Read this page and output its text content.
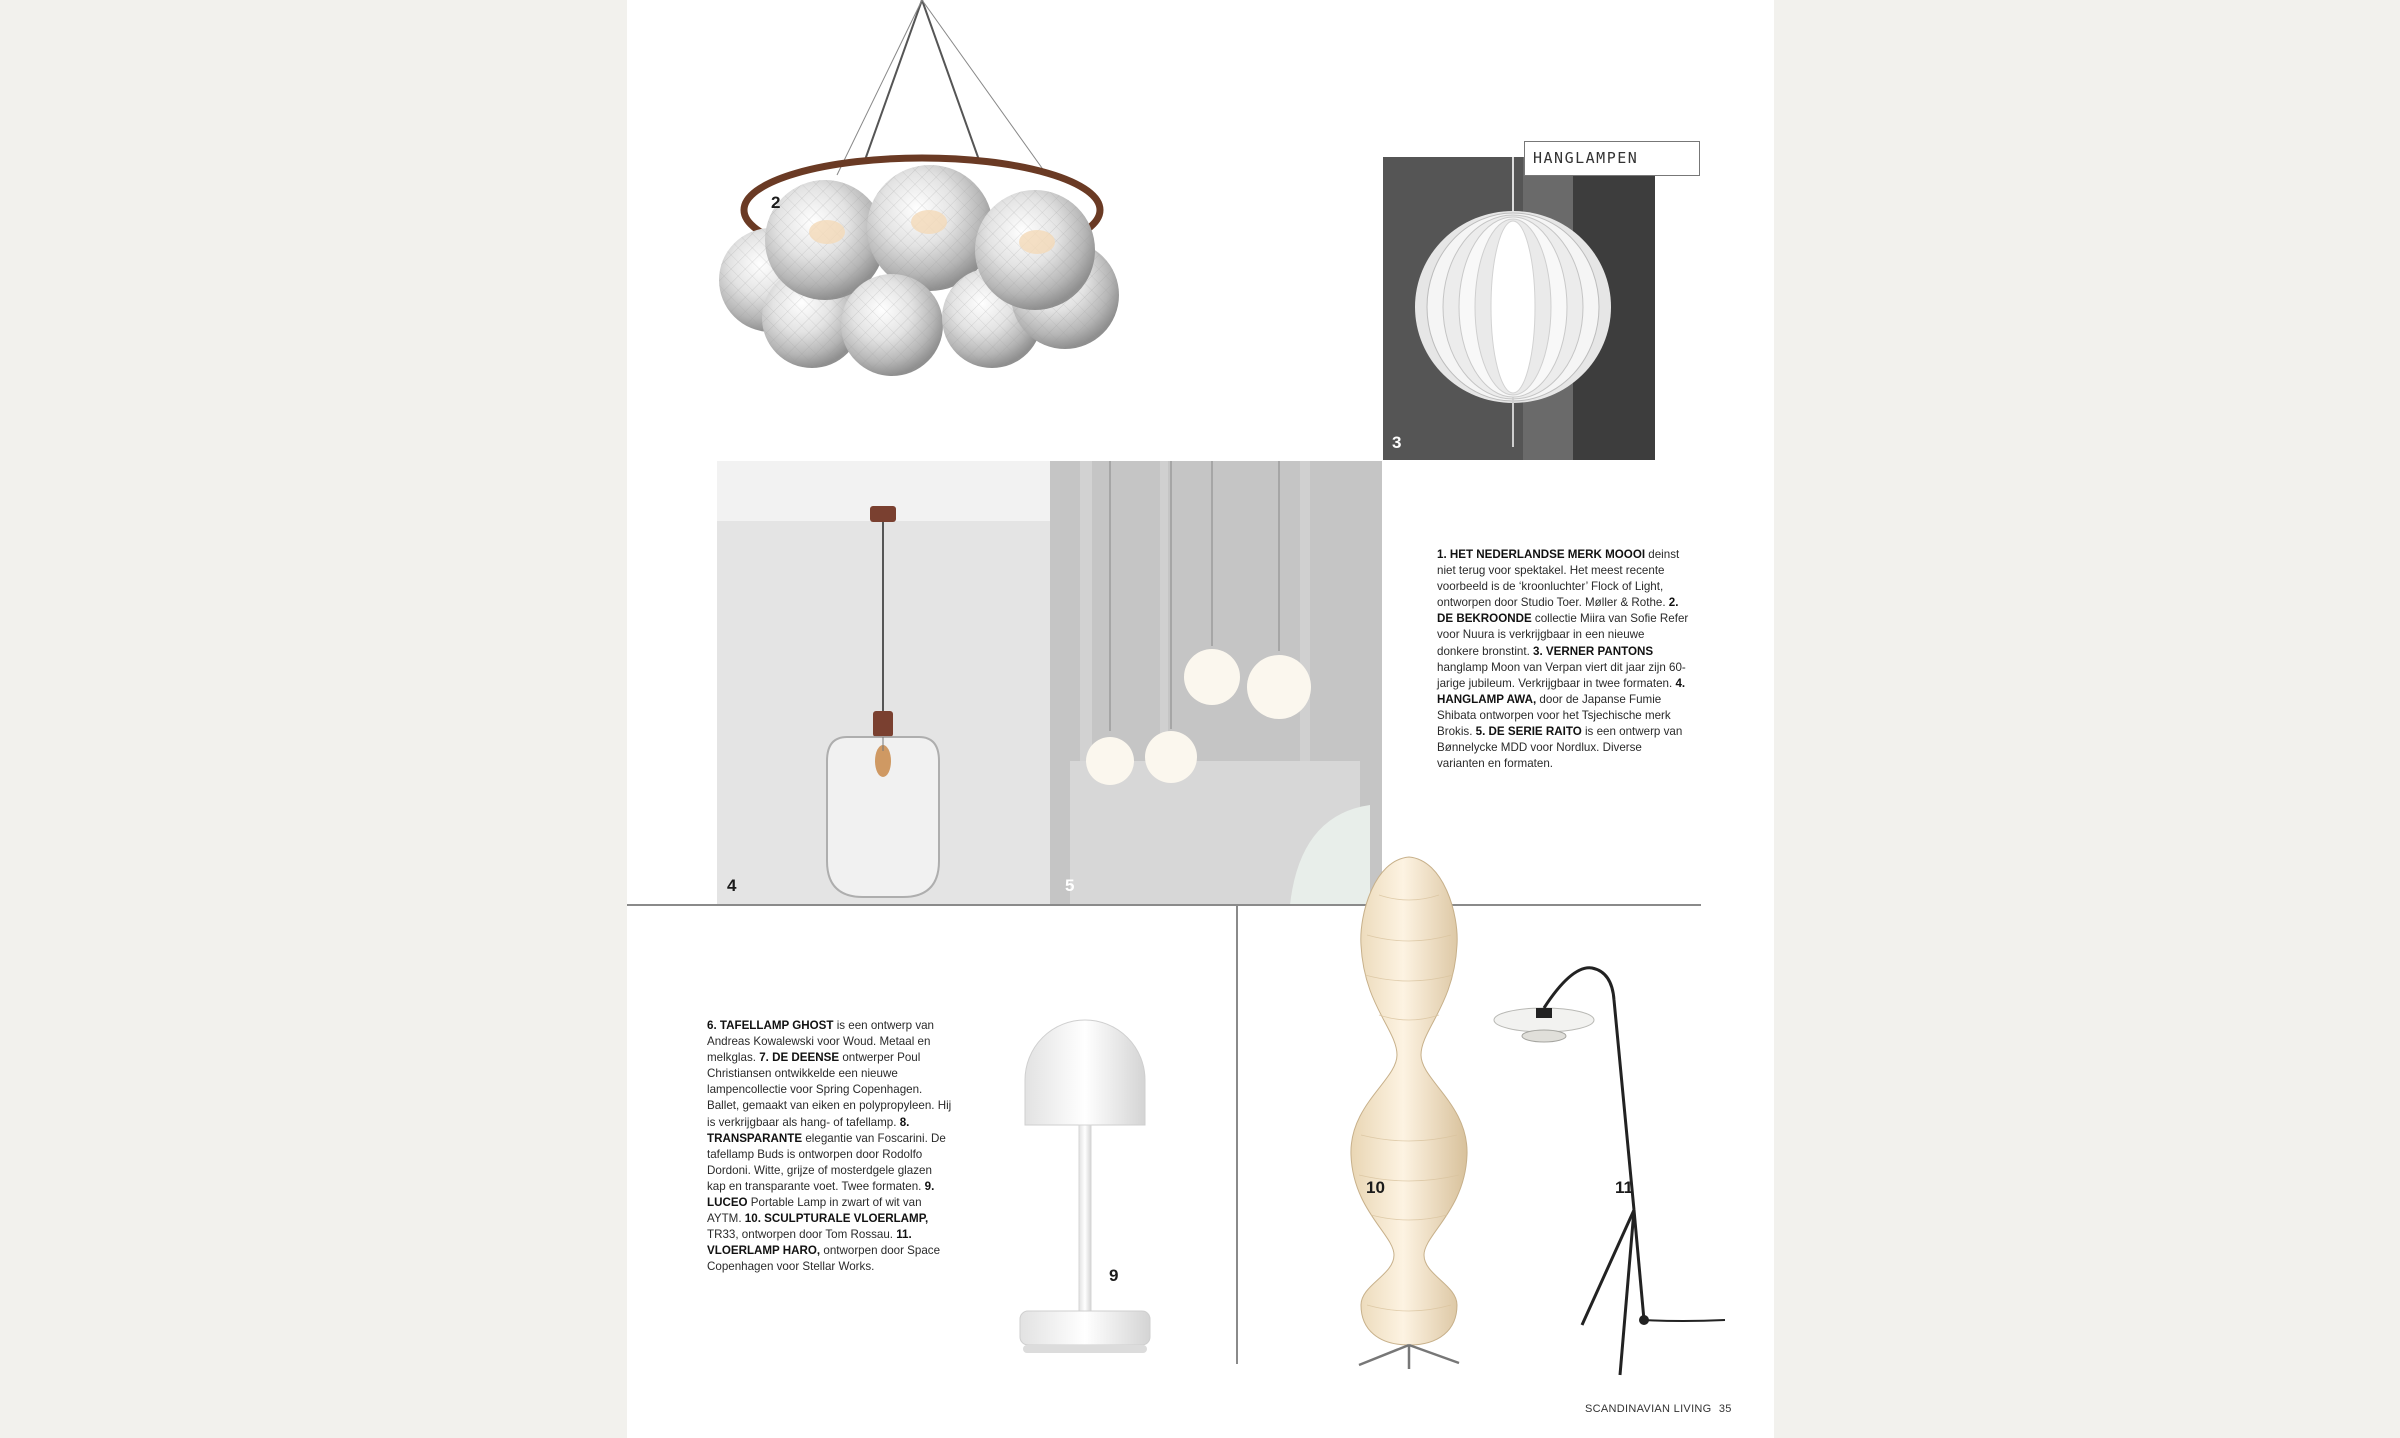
2
HANGLAMPEN
3
4	5
1. HET NEDERLANDSE MERK MOOOI deinst niet terug voor spektakel. Het meest recente voorbeeld is de ‘kroonluchter’ Flock of Light, ontworpen door Studio Toer. Møller & Rothe. 2. DE BEKROONDE collectie Miira van Sofie Refer voor Nuura is verkrijgbaar in een nieuwe donkere bronstint. 3. VERNER PANTONS hanglamp Moon van Verpan viert dit jaar zijn 60-jarige jubileum. Verkrijgbaar in twee formaten. 4. HANGLAMP AWA, door de Japanse Fumie Shibata ontworpen voor het Tsjechische merk Brokis. 5. DE SERIE RAITO is een ontwerp van Bønnelycke MDD voor Nordlux. Diverse varianten en formaten.
6. TAFELLAMP GHOST is een ontwerp van Andreas Kowalewski voor Woud. Metaal en melkglas. 7. DE DEENSE ontwerper Poul Christiansen ontwikkelde een nieuwe lampencollectie voor Spring Copenhagen. Ballet, gemaakt van eiken en polypropyleen. Hij is verkrijgbaar als hang- of tafellamp. 8. TRANSPARANTE elegantie van Foscarini. De tafellamp Buds is ontworpen door Rodolfo Dordoni. Witte, grijze of mosterdgele glazen kap en transparante voet. Twee formaten. 9. LUCEO Portable Lamp in zwart of wit van AYTM. 10. SCULPTURALE VLOERLAMP, TR33, ontworpen door Tom Rossau. 11. VLOERLAMP HARO, ontworpen door Space Copenhagen voor Stellar Works.	9
10	11
SCANDINAVIAN LIVING 35
